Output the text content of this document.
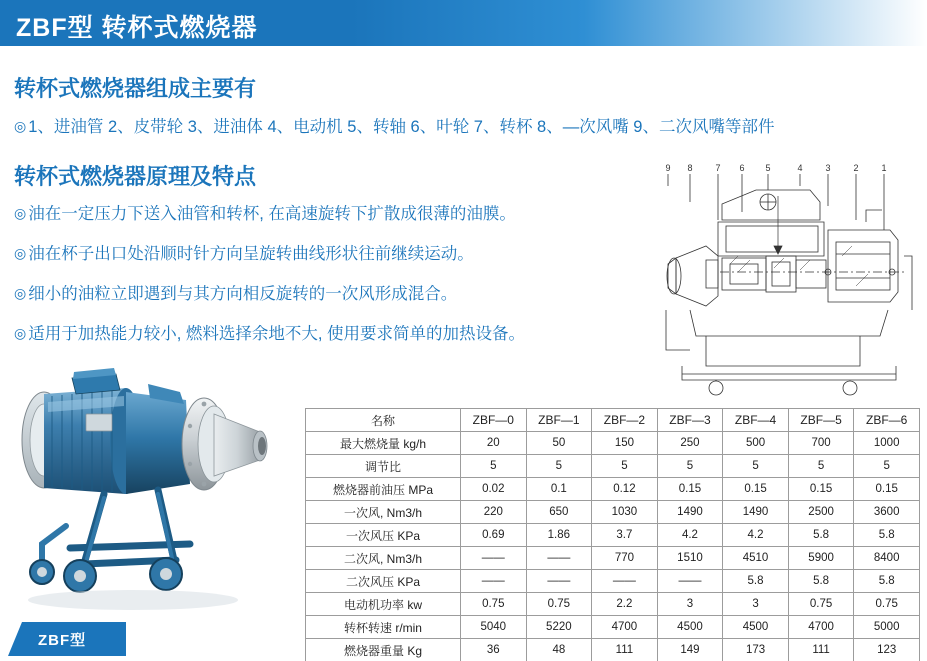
ZBF型 转杯式燃烧器
转杯式燃烧器组成主要有
◎ 1、进油管 2、皮带轮 3、进油体 4、电动机 5、转轴 6、叶轮 7、转杯 8、—次风嘴 9、二次风嘴等部件
转杯式燃烧器原理及特点
◎ 油在一定压力下送入油管和转杯, 在高速旋转下扩散成很薄的油膜。
◎ 油在杯子出口处沿顺时针方向呈旋转曲线形状往前继续运动。
◎ 细小的油粒立即遇到与其方向相反旋转的一次风形成混合。
◎ 适用于加热能力较小, 燃料选择余地不大, 使用要求简单的加热设备。
9 8	7 6 5	4	3	2	1
ZBF型
名称	ZBF—0	ZBF—1	ZBF—2	ZBF—3	ZBF—4	ZBF—5	ZBF—6
最大燃烧量 kg/h	20	50	150	250	500	700	1000
调节比	5	5	5	5	5	5	5
燃烧器前油压 MPa	0.02	0.1	0.12	0.15	0.15	0.15	0.15
一次风, Nm3/h	220	650	1030	1490	1490	2500	3600
一次风压 KPa	0.69	1.86	3.7	4.2	4.2	5.8	5.8
二次风, Nm3/h	——	——	770	1510	4510	5900	8400
二次风压 KPa	——	——	——	——	5.8	5.8	5.8
电动机功率 kw	0.75	0.75	2.2	3	3	0.75	0.75
转杯转速 r/min	5040	5220	4700	4500	4500	4700	5000
燃烧器重量 Kg	36	48	111	149	173	111	123
